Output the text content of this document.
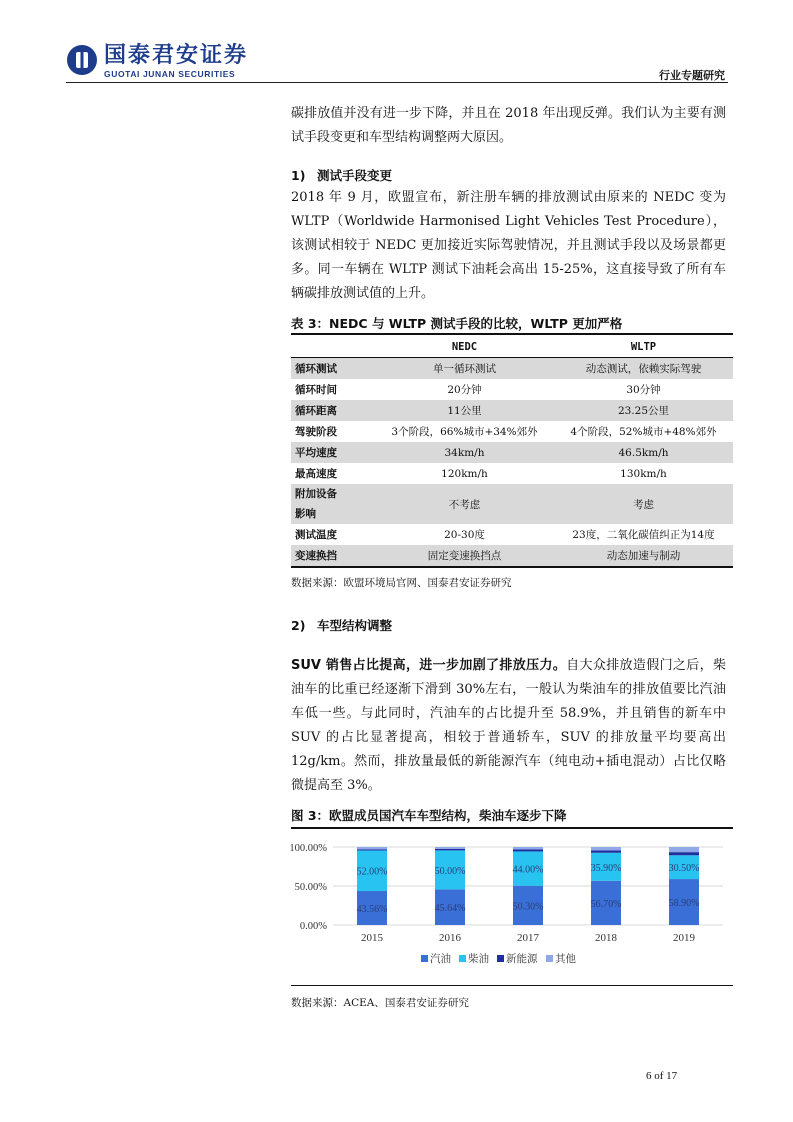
国泰君安证券
GUOTAI JUNAN SECURITIES	行业专题研究

碳排放值并没有进一步下降，并且在 2018 年出现反弹。我们认为主要有测试手段变更和车型结构调整两大原因。

1) 测试手段变更

2018 年 9 月，欧盟宣布，新注册车辆的排放测试由原来的 NEDC 变为 WLTP（Worldwide Harmonised Light Vehicles Test Procedure），该测试相较于 NEDC 更加接近实际驾驶情况，并且测试手段以及场景都更多。同一车辆在 WLTP 测试下油耗会高出 15-25%，这直接导致了所有车辆碳排放测试值的上升。

表 3：NEDC 与 WLTP 测试手段的比较，WLTP 更加严格
	NEDC	WLTP
循环测试	单一循环测试	动态测试，依赖实际驾驶
循环时间	20分钟	30分钟
循环距离	11公里	23.25公里
驾驶阶段	3个阶段，66%城市+34%郊外	4个阶段，52%城市+48%郊外
平均速度	34km/h	46.5km/h
最高速度	120km/h	130km/h
附加设备
影响	不考虑	考虑
测试温度	20-30度	23度，二氧化碳值纠正为14度
变速换挡	固定变速换挡点	动态加速与制动
数据来源：欧盟环境局官网、国泰君安证券研究
2) 车型结构调整

SUV 销售占比提高，进一步加剧了排放压力。自大众排放造假门之后，柴油车的比重已经逐渐下滑到 30%左右，一般认为柴油车的排放值要比汽油车低一些。与此同时，汽油车的占比提升至 58.9%，并且销售的新车中 SUV 的占比显著提高，相较于普通轿车，SUV 的排放量平均要高出 12g/km。然而，排放量最低的新能源汽车（纯电动+插电混动）占比仅略微提高至 3%。

图 3：欧盟成员国汽车车型结构，柴油车逐步下降
0.00%
50.00%
100.00%
43.56%
52.00%
45.64%
50.00%
50.30%
44.00%
56.70%
35.90%
58.90%
30.50%
2015	2016	2017	2018	2019
汽油 柴油 新能源 其他
数据来源：ACEA、国泰君安证券研究
6 of 17
